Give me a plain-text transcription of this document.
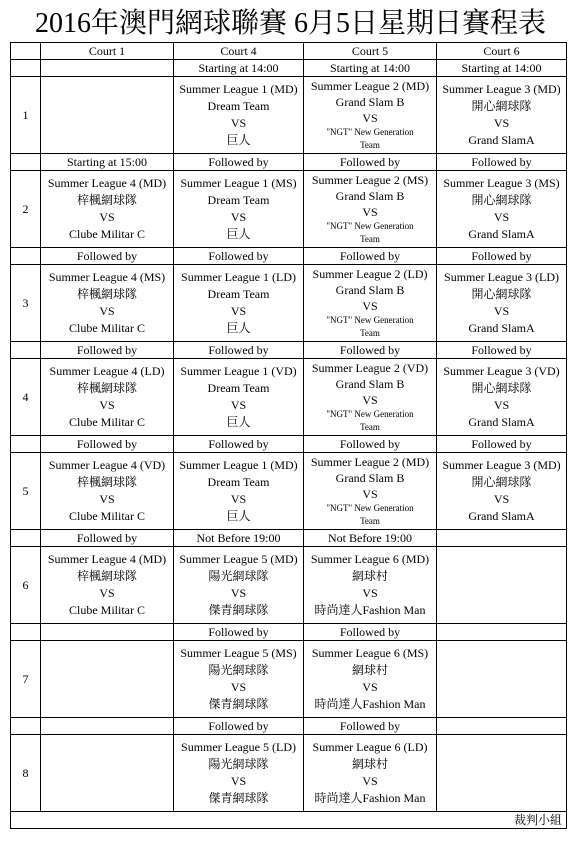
2016年澳門網球聯賽 6月5日星期日賽程表
	Court 1	Court 4	Court 5	Court 6
		Starting at 14:00	Starting at 14:00	Starting at 14:00
1		Summer League 1 (MD)
Dream Team
VS
巨人	Summer League 2 (MD)
Grand Slam B
VS
"NGT" New Generation
Team	Summer League 3 (MD)
開心網球隊
VS
Grand SlamA

	Starting at 15:00	Followed by	Followed by	Followed by
2	Summer League 4 (MD)
梓楓網球隊
VS
Clube Militar C	Summer League 1 (MS)
Dream Team
VS
巨人	Summer League 2 (MS)
Grand Slam B
VS
"NGT" New Generation
Team	Summer League 3 (MS)
開心網球隊
VS
Grand SlamA

	Followed by	Followed by	Followed by	Followed by
3	Summer League 4 (MS)
梓楓網球隊
VS
Clube Militar C	Summer League 1 (LD)
Dream Team
VS
巨人	Summer League 2 (LD)
Grand Slam B
VS
"NGT" New Generation
Team	Summer League 3 (LD)
開心網球隊
VS
Grand SlamA

	Followed by	Followed by	Followed by	Followed by
4	Summer League 4 (LD)
梓楓網球隊
VS
Clube Militar C	Summer League 1 (VD)
Dream Team
VS
巨人	Summer League 2 (VD)
Grand Slam B
VS
"NGT" New Generation
Team	Summer League 3 (VD)
開心網球隊
VS
Grand SlamA

	Followed by	Followed by	Followed by	Followed by
5	Summer League 4 (VD)
梓楓網球隊
VS
Clube Militar C	Summer League 1 (MD)
Dream Team
VS
巨人	Summer League 2 (MD)
Grand Slam B
VS
"NGT" New Generation
Team	Summer League 3 (MD)
開心網球隊
VS
Grand SlamA

	Followed by	Not Before 19:00	Not Before 19:00	
6	Summer League 4 (MD)
梓楓網球隊
VS
Clube Militar C	Summer League 5 (MD)
陽光網球隊
VS
傑青網球隊	Summer League 6 (MD)
網球村
VS
時尚達人Fashion Man	

		Followed by	Followed by	
7		Summer League 5 (MS)
陽光網球隊
VS
傑青網球隊	Summer League 6 (MS)
網球村
VS
時尚達人Fashion Man	

		Followed by	Followed by	
8		Summer League 5 (LD)
陽光網球隊
VS
傑青網球隊	Summer League 6 (LD)
網球村
VS
時尚達人Fashion Man	

裁判小組				
